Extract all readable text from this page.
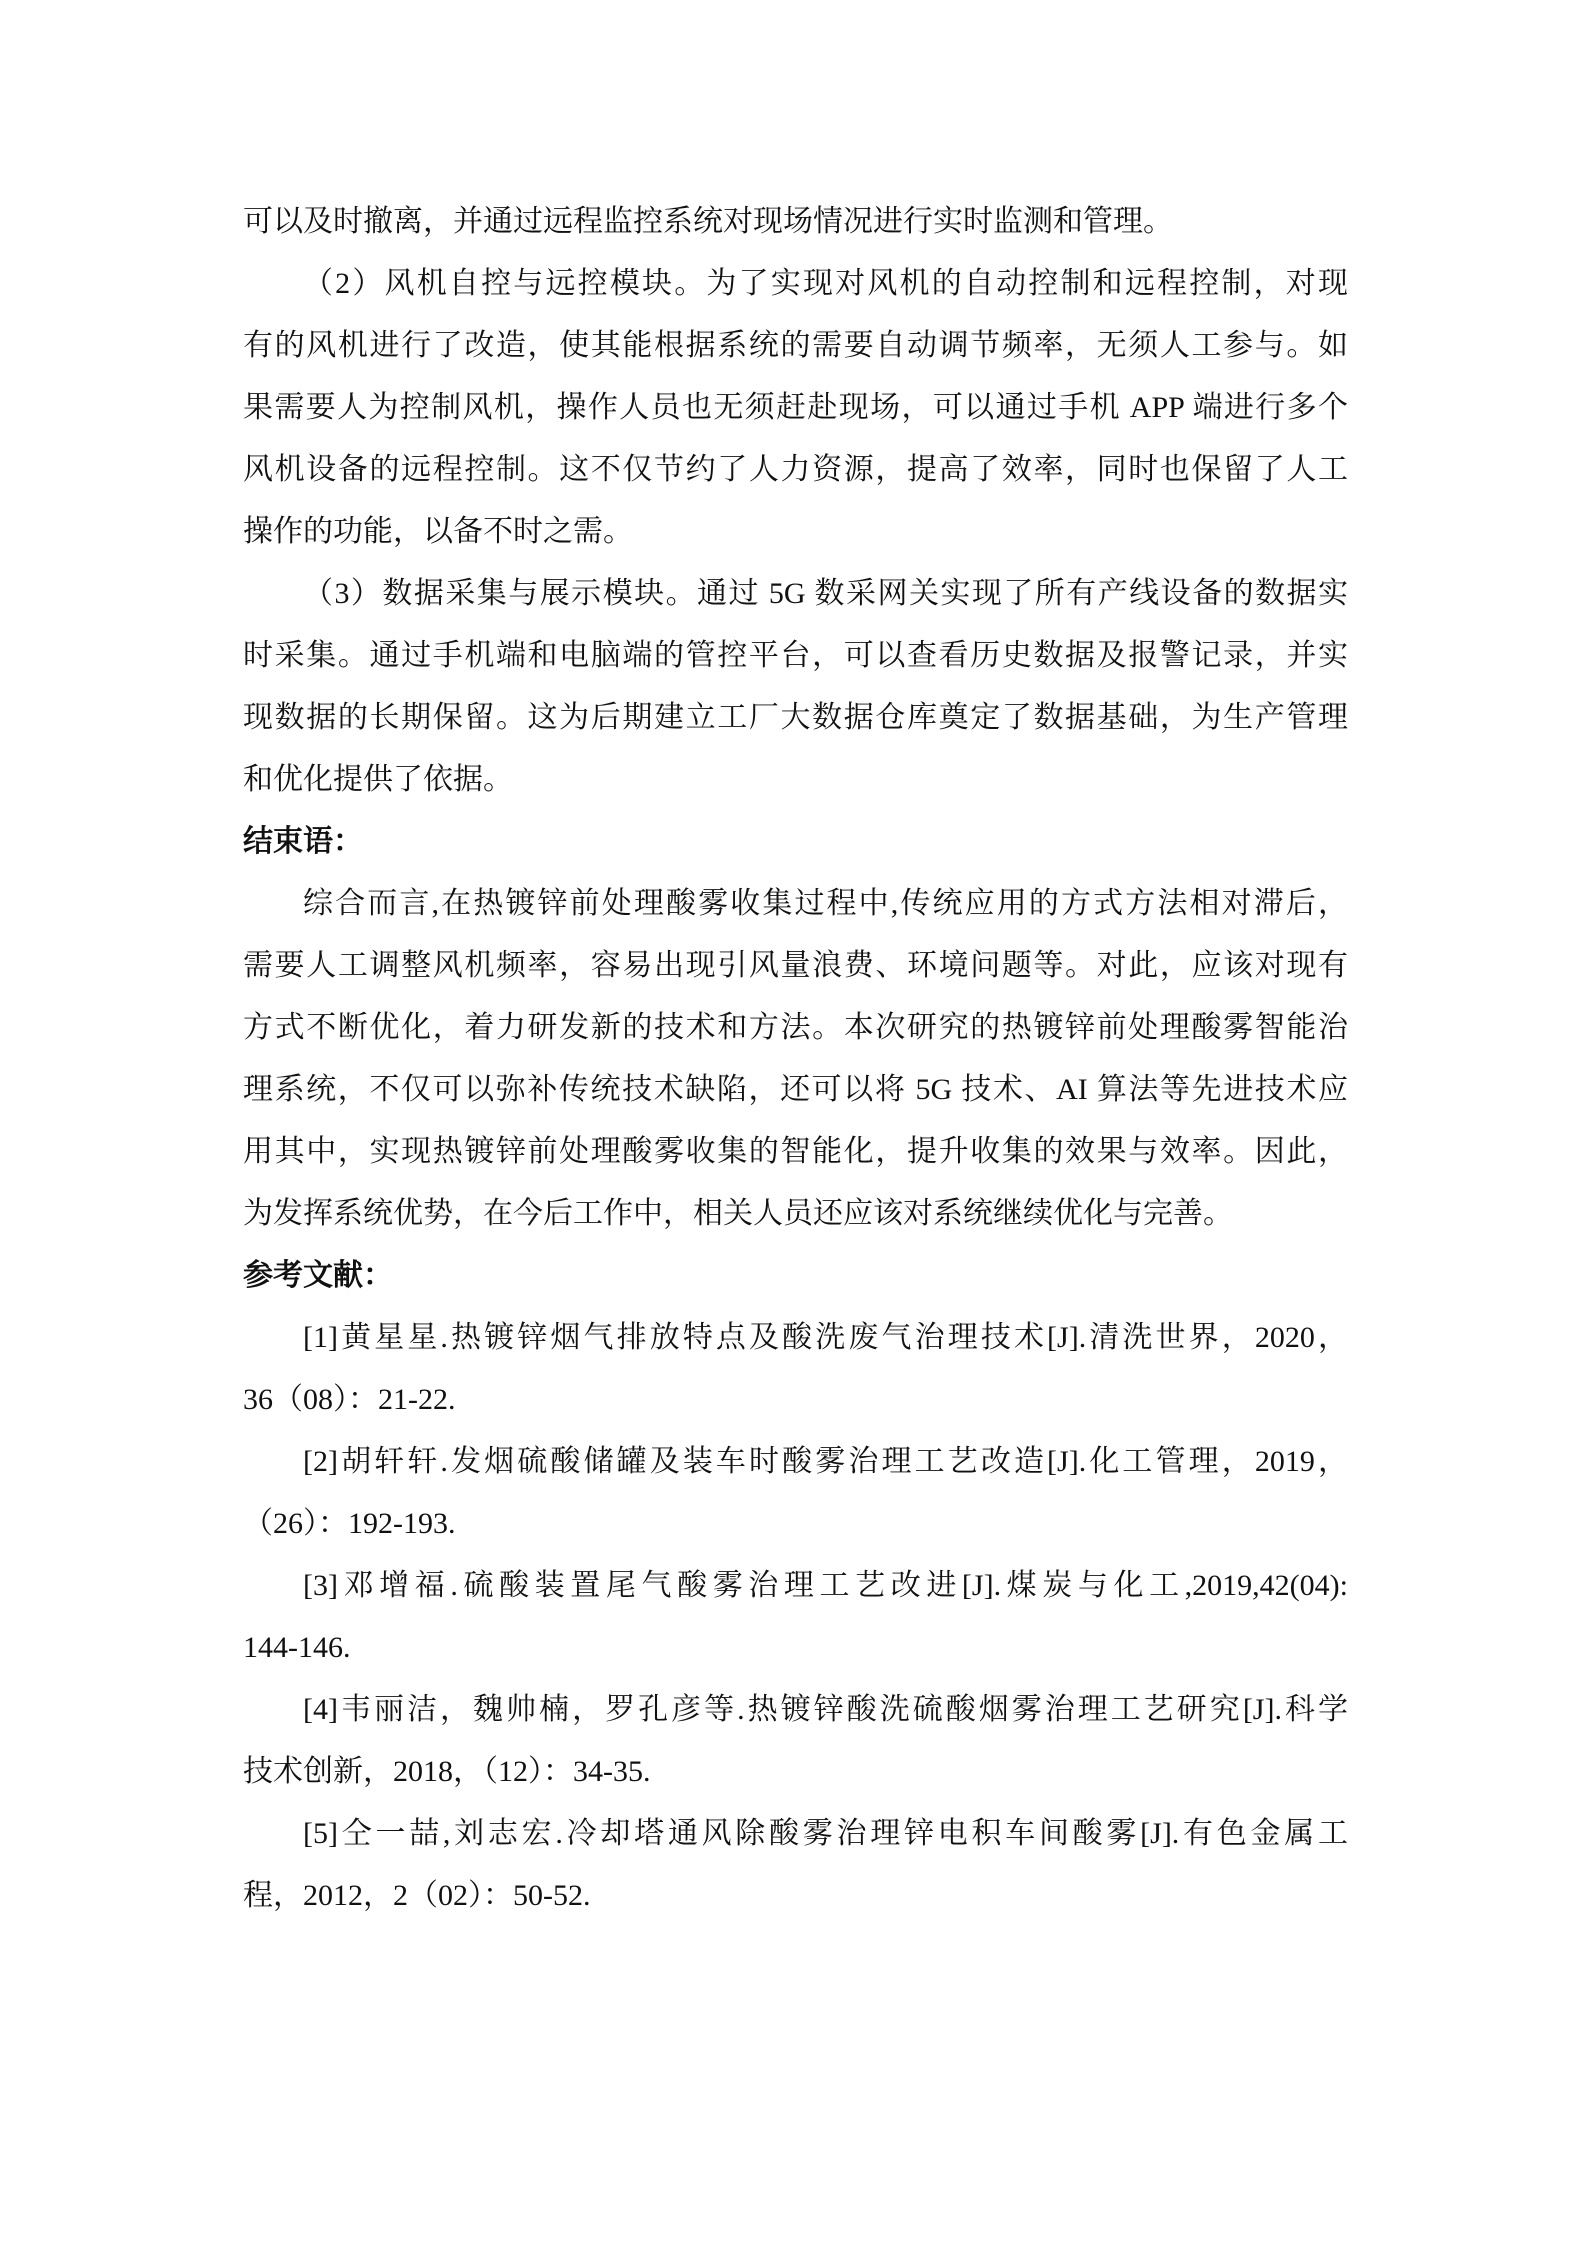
可以及时撤离，并通过远程监控系统对现场情况进行实时监测和管理。
（2）风机自控与远控模块。为了实现对风机的自动控制和远程控制，对现
有的风机进行了改造，使其能根据系统的需要自动调节频率，无须人工参与。如
果需要人为控制风机，操作人员也无须赶赴现场，可以通过手机 APP 端进行多个
风机设备的远程控制。这不仅节约了人力资源，提高了效率，同时也保留了人工
操作的功能，以备不时之需。
（3）数据采集与展示模块。通过 5G 数采网关实现了所有产线设备的数据实
时采集。通过手机端和电脑端的管控平台，可以查看历史数据及报警记录，并实
现数据的长期保留。这为后期建立工厂大数据仓库奠定了数据基础，为生产管理
和优化提供了依据。
结束语：
综合而言,在热镀锌前处理酸雾收集过程中,传统应用的方式方法相对滞后，
需要人工调整风机频率，容易出现引风量浪费、环境问题等。对此，应该对现有
方式不断优化，着力研发新的技术和方法。本次研究的热镀锌前处理酸雾智能治
理系统，不仅可以弥补传统技术缺陷，还可以将 5G 技术、AI 算法等先进技术应
用其中，实现热镀锌前处理酸雾收集的智能化，提升收集的效果与效率。因此，
为发挥系统优势，在今后工作中，相关人员还应该对系统继续优化与完善。
参考文献：
[1]黄星星.热镀锌烟气排放特点及酸洗废气治理技术[J].清洗世界，2020，
36（08）：21-22.
[2]胡轩轩.发烟硫酸储罐及装车时酸雾治理工艺改造[J].化工管理，2019，
（26）：192-193.
[3]邓增福.硫酸装置尾气酸雾治理工艺改进[J].煤炭与化工,2019,42(04):
144-146.
[4]韦丽洁，魏帅楠，罗孔彦等.热镀锌酸洗硫酸烟雾治理工艺研究[J].科学
技术创新，2018，（12）：34-35.
[5]仝一喆,刘志宏.冷却塔通风除酸雾治理锌电积车间酸雾[J].有色金属工
程，2012，2（02）：50-52.
